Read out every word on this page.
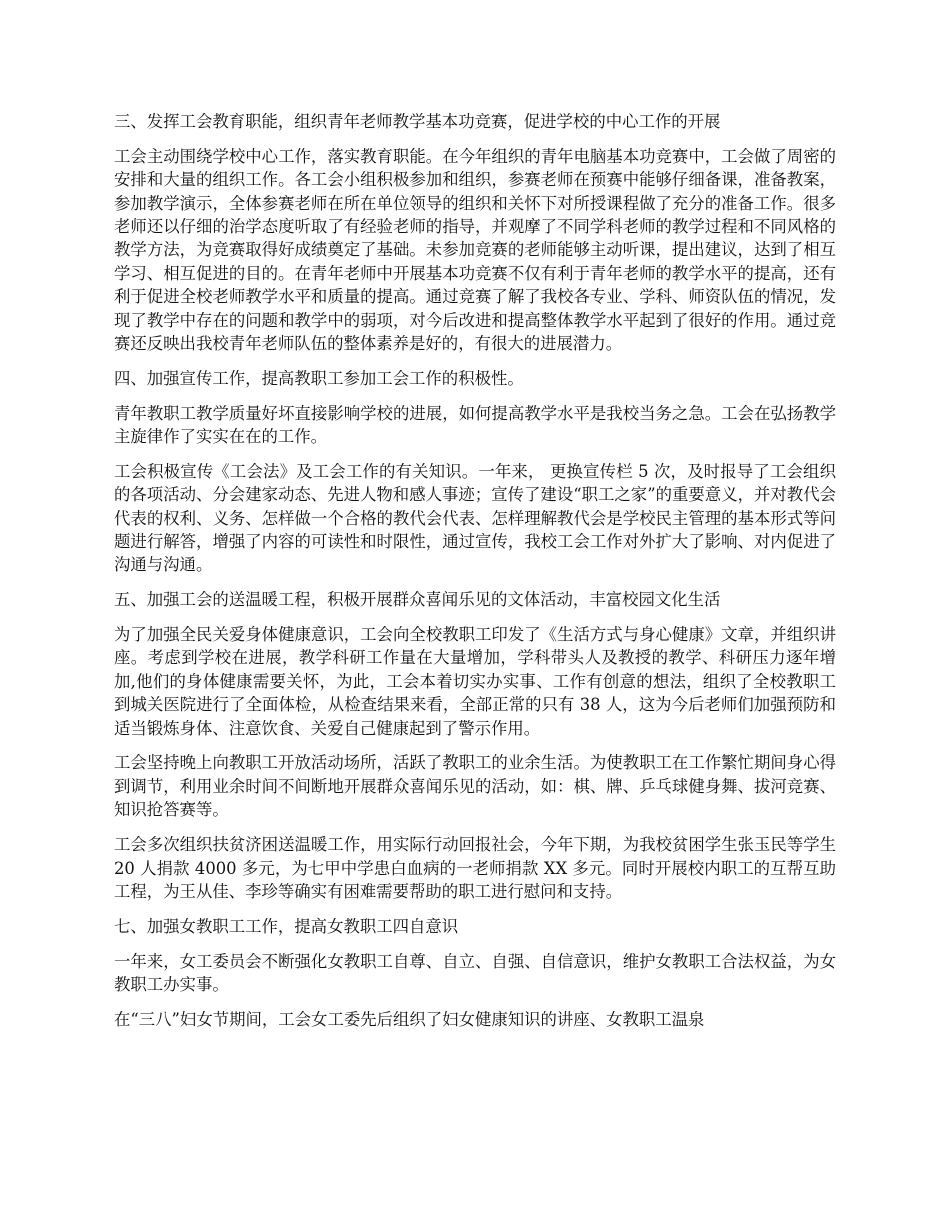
三、发挥工会教育职能，组织青年老师教学基本功竞赛，促进学校的中心工作的开展

工会主动围绕学校中心工作，落实教育职能。在今年组织的青年电脑基本功竞赛中，工会做了周密的安排和大量的组织工作。各工会小组积极参加和组织，参赛老师在预赛中能够仔细备课，准备教案，参加教学演示，全体参赛老师在所在单位领导的组织和关怀下对所授课程做了充分的准备工作。很多老师还以仔细的治学态度听取了有经验老师的指导，并观摩了不同学科老师的教学过程和不同风格的教学方法，为竞赛取得好成绩奠定了基础。未参加竞赛的老师能够主动听课，提出建议，达到了相互学习、相互促进的目的。在青年老师中开展基本功竞赛不仅有利于青年老师的教学水平的提高，还有利于促进全校老师教学水平和质量的提高。通过竞赛了解了我校各专业、学科、师资队伍的情况，发现了教学中存在的问题和教学中的弱项，对今后改进和提高整体教学水平起到了很好的作用。通过竞赛还反映出我校青年老师队伍的整体素养是好的，有很大的进展潜力。

四、加强宣传工作，提高教职工参加工会工作的积极性。

青年教职工教学质量好坏直接影响学校的进展，如何提高教学水平是我校当务之急。工会在弘扬教学主旋律作了实实在在的工作。

工会积极宣传《工会法》及工会工作的有关知识。一年来， 更换宣传栏 5 次，及时报导了工会组织的各项活动、分会建家动态、先进人物和感人事迹；宣传了建设“职工之家”的重要意义，并对教代会代表的权利、义务、怎样做一个合格的教代会代表、怎样理解教代会是学校民主管理的基本形式等问题进行解答，增强了内容的可读性和时限性，通过宣传，我校工会工作对外扩大了影响、对内促进了沟通与沟通。

五、加强工会的送温暖工程，积极开展群众喜闻乐见的文体活动，丰富校园文化生活

为了加强全民关爱身体健康意识，工会向全校教职工印发了《生活方式与身心健康》文章，并组织讲座。考虑到学校在进展，教学科研工作量在大量增加，学科带头人及教授的教学、科研压力逐年增加,他们的身体健康需要关怀，为此，工会本着切实办实事、工作有创意的想法，组织了全校教职工到城关医院进行了全面体检，从检查结果来看，全部正常的只有 38 人，这为今后老师们加强预防和适当锻炼身体、注意饮食、关爱自己健康起到了警示作用。

工会坚持晚上向教职工开放活动场所，活跃了教职工的业余生活。为使教职工在工作繁忙期间身心得到调节，利用业余时间不间断地开展群众喜闻乐见的活动，如：棋、牌、乒乓球健身舞、拔河竞赛、知识抢答赛等。

工会多次组织扶贫济困送温暖工作，用实际行动回报社会，今年下期，为我校贫困学生张玉民等学生 20 人捐款 4000 多元，为七甲中学患白血病的一老师捐款 XX 多元。同时开展校内职工的互帮互助工程，为王从佳、李珍等确实有困难需要帮助的职工进行慰问和支持。

七、加强女教职工工作，提高女教职工四自意识

一年来，女工委员会不断强化女教职工自尊、自立、自强、自信意识，维护女教职工合法权益，为女教职工办实事。

在“三八”妇女节期间，工会女工委先后组织了妇女健康知识的讲座、女教职工温泉
